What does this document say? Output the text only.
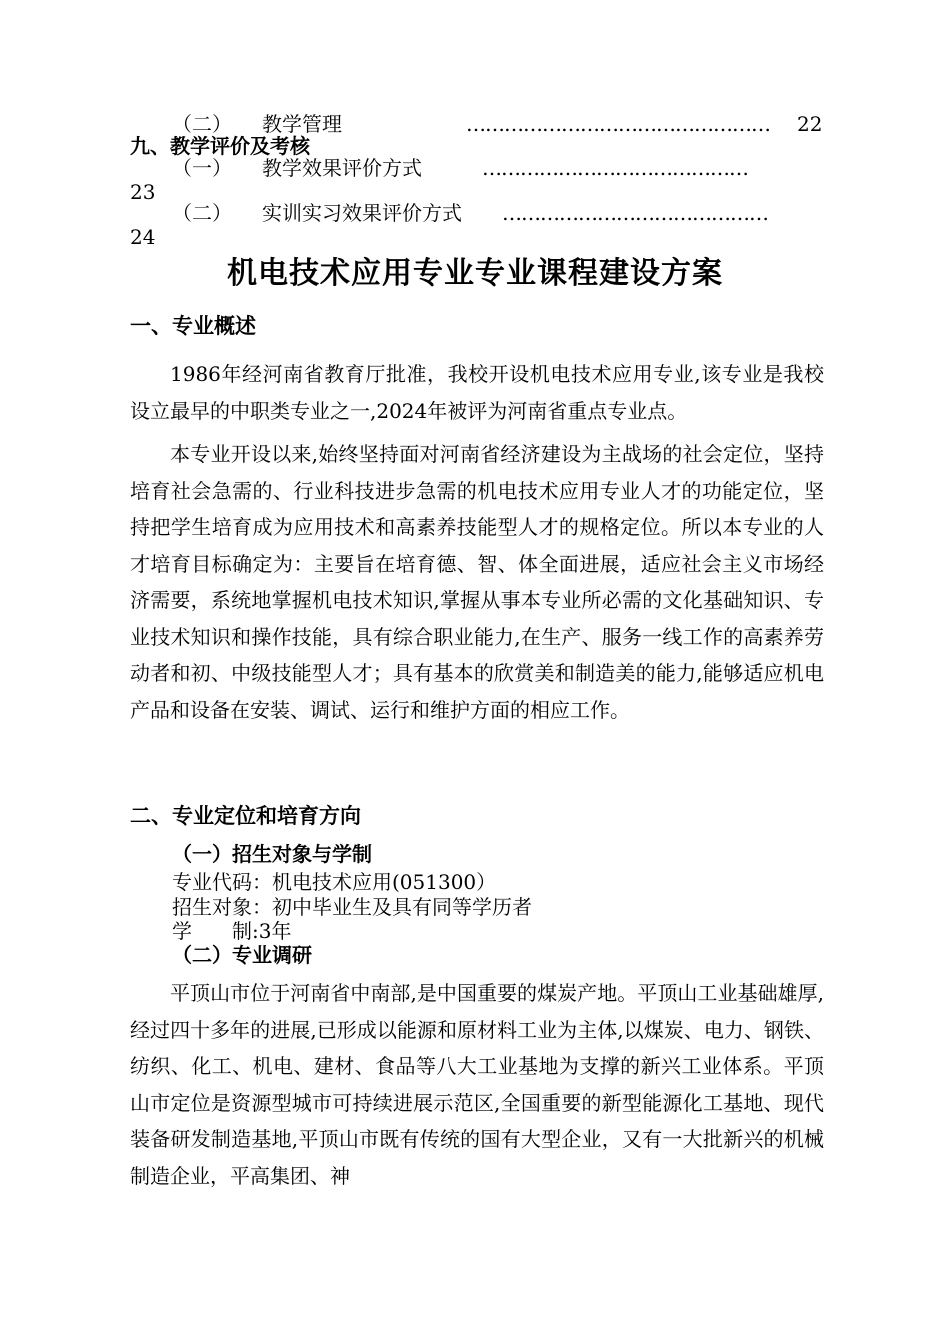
（二） 教学管理	………………………………………… 22
九、教学评价及考核
（一） 教学效果评价方式	……………………………………
23
（二） 实训实习效果评价方式 ……………………………………
24
机电技术应用专业专业课程建设方案
一、专业概述

1986年经河南省教育厅批准，我校开设机电技术应用专业,该专业是我校设立最早的中职类专业之一,2024年被评为河南省重点专业点。

本专业开设以来,始终坚持面对河南省经济建设为主战场的社会定位，坚持培育社会急需的、行业科技进步急需的机电技术应用专业人才的功能定位，坚持把学生培育成为应用技术和高素养技能型人才的规格定位。所以本专业的人才培育目标确定为：主要旨在培育德、智、体全面进展，适应社会主义市场经济需要，系统地掌握机电技术知识,掌握从事本专业所必需的文化基础知识、专业技术知识和操作技能，具有综合职业能力,在生产、服务一线工作的高素养劳动者和初、中级技能型人才；具有基本的欣赏美和制造美的能力,能够适应机电产品和设备在安装、调试、运行和维护方面的相应工作。

二、专业定位和培育方向
（一）招生对象与学制
专业代码：机电技术应用(051300）
招生对象：初中毕业生及具有同等学历者
学　　制:3年
（二）专业调研

平顶山市位于河南省中南部,是中国重要的煤炭产地。平顶山工业基础雄厚,经过四十多年的进展,已形成以能源和原材料工业为主体,以煤炭、电力、钢铁、纺织、化工、机电、建材、食品等八大工业基地为支撑的新兴工业体系。平顶山市定位是资源型城市可持续进展示范区,全国重要的新型能源化工基地、现代装备研发制造基地,平顶山市既有传统的国有大型企业，又有一大批新兴的机械制造企业，平高集团、神
